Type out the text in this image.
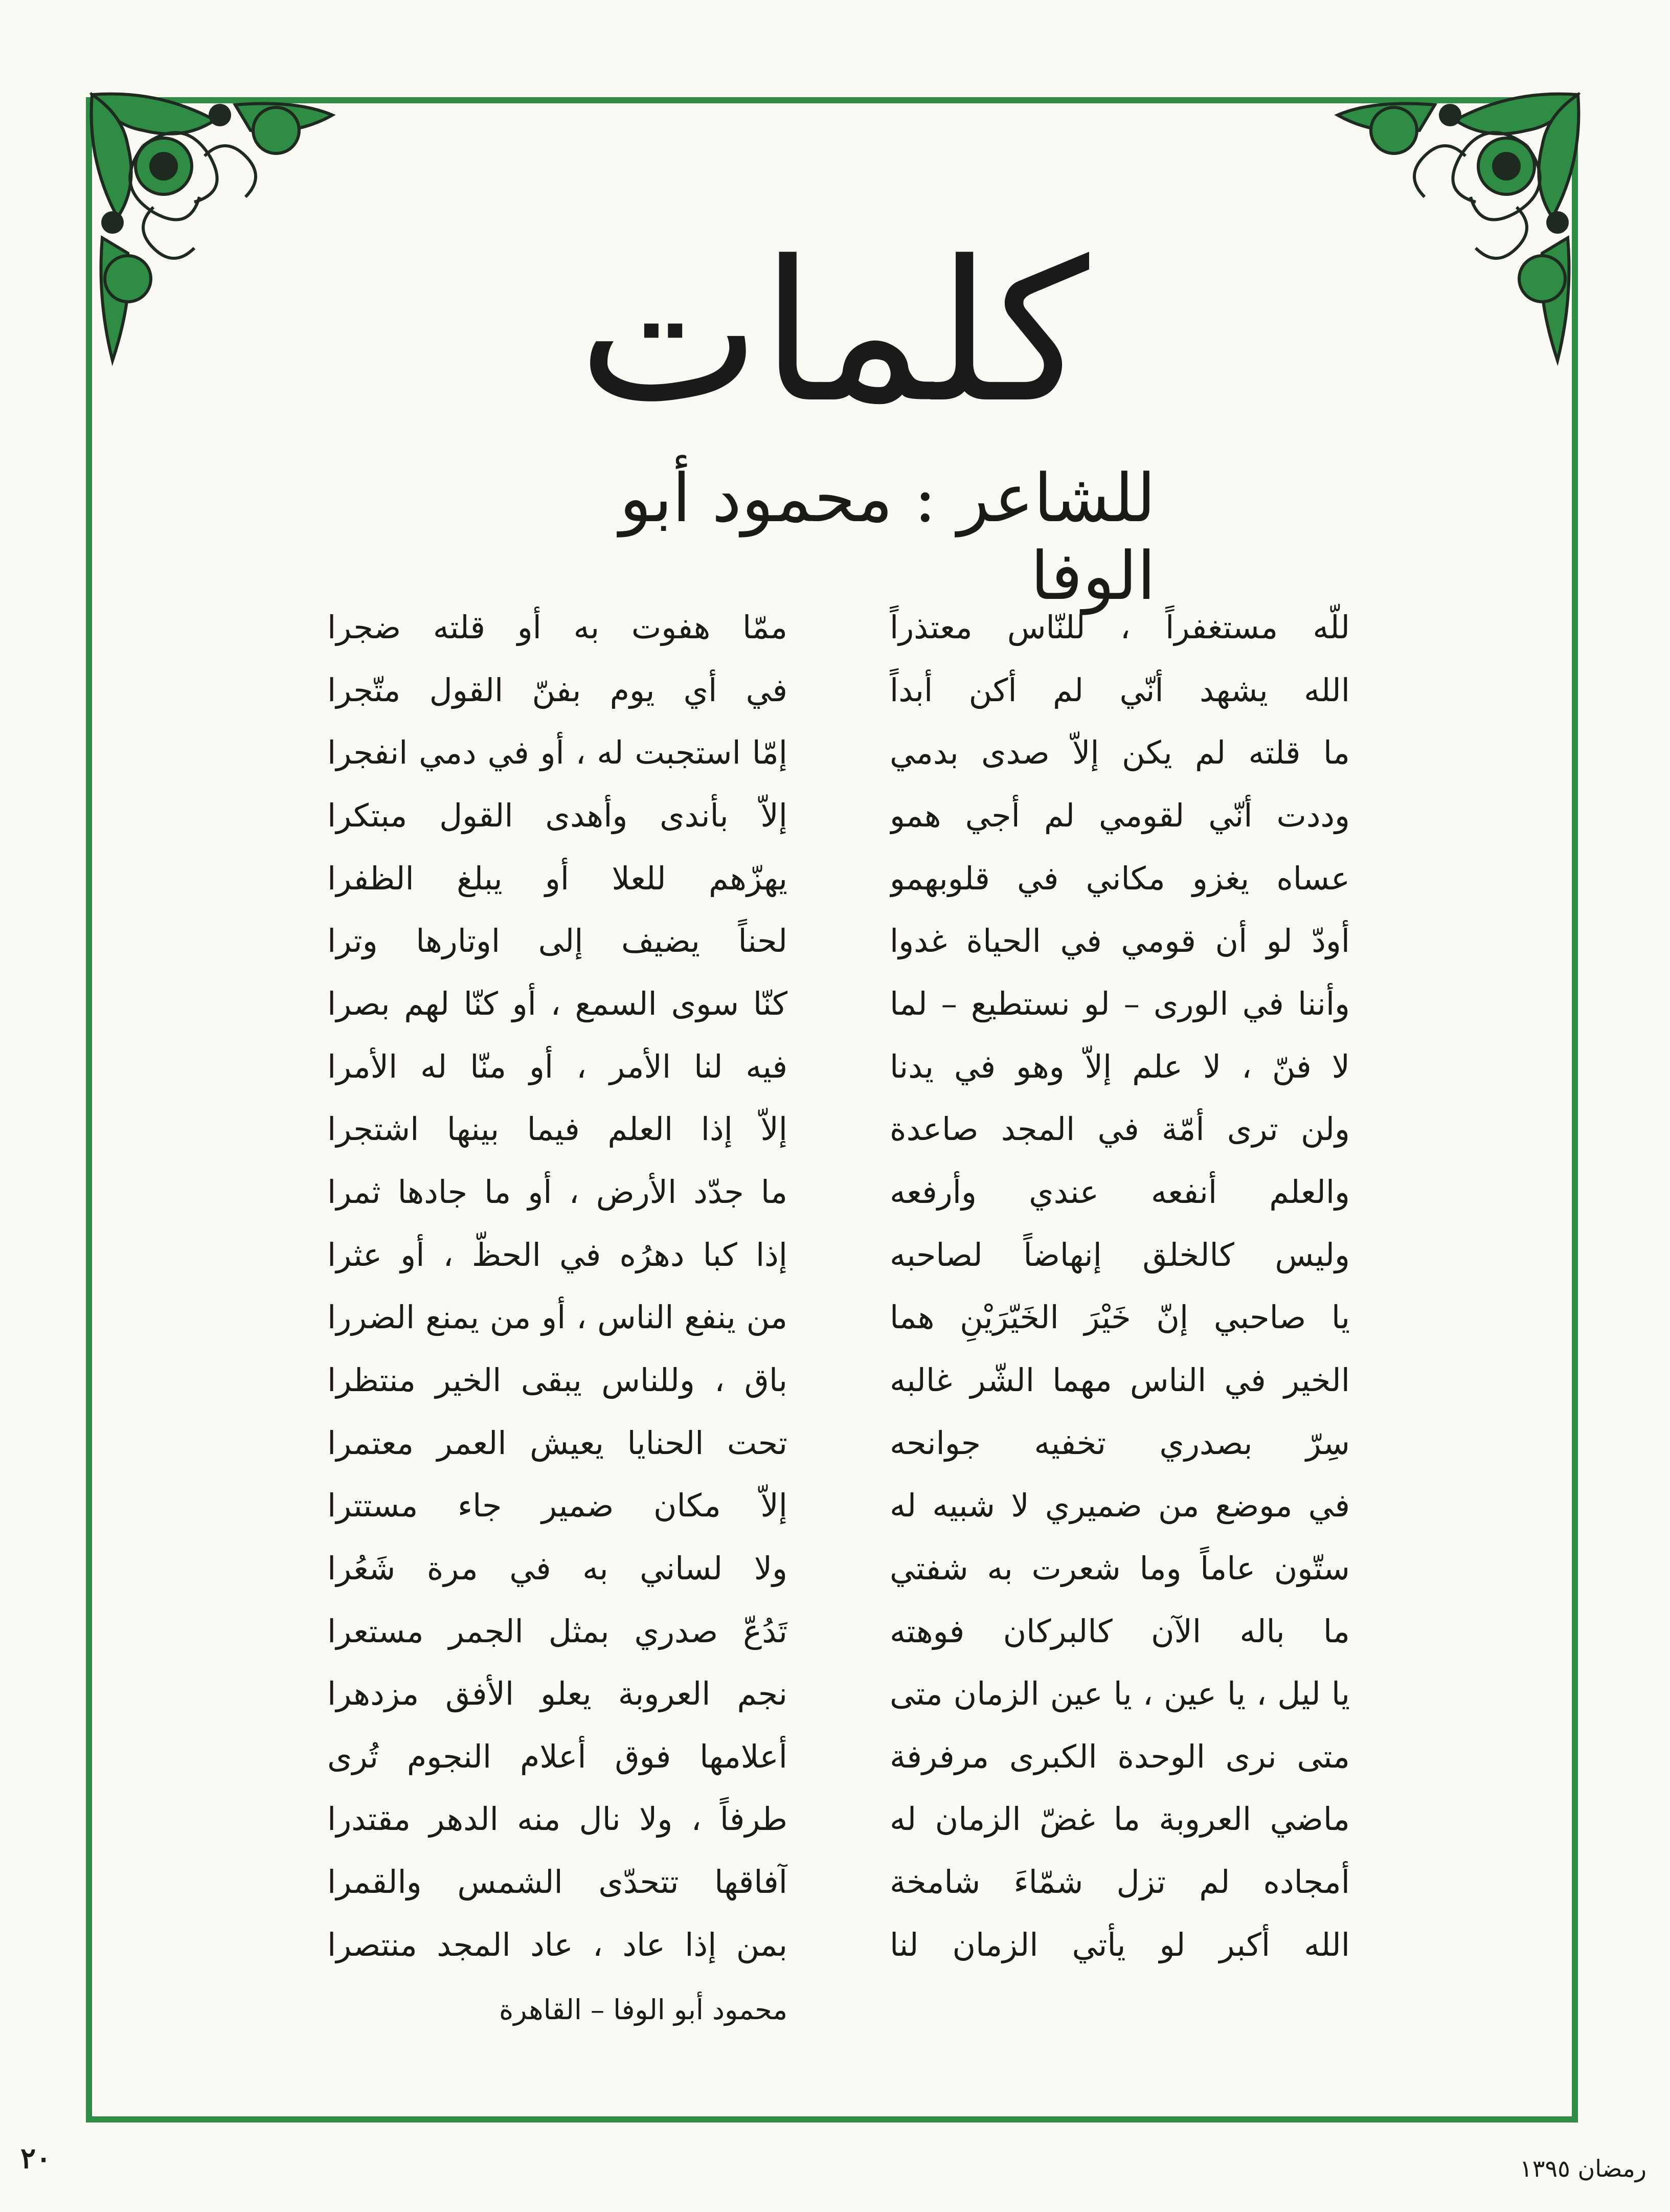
كلمات
للشاعر : محمود أبو الوفا
للّه مستغفراً ، للنّاس معتذراً
ممّا هفوت به أو قلته ضجرا
الله يشهد أنّي لم أكن أبداً
في أي يوم بفنّ القول متّجرا
ما قلته لم يكن إلاّ صدى بدمي
إمّا استجبت له ، أو في دمي انفجرا
وددت أنّي لقومي لم أجي همو
إلاّ بأندى وأهدى القول مبتكرا
عساه يغزو مكاني في قلوبهمو
يهزّهم للعلا أو يبلغ الظفرا
أودّ لو أن قومي في الحياة غدوا
لحناً يضيف إلى اوتارها وترا
وأننا في الورى – لو نستطيع – لما
كنّا سوى السمع ، أو كنّا لهم بصرا
لا فنّ ، لا علم إلاّ وهو في يدنا
فيه لنا الأمر ، أو منّا له الأمرا
ولن ترى أمّة في المجد صاعدة
إلاّ إذا العلم فيما بينها اشتجرا
والعلم أنفعه عندي وأرفعه
ما جدّد الأرض ، أو ما جادها ثمرا
وليس كالخلق إنهاضاً لصاحبه
إذا كبا دهرُه في الحظّ ، أو عثرا
يا صاحبي إنّ خَيْرَ الخَيّرَيْنِ هما
من ينفع الناس ، أو من يمنع الضررا
الخير في الناس مهما الشّر غالبه
باق ، وللناس يبقى الخير منتظرا
سِرّ بصدري تخفيه جوانحه
تحت الحنايا يعيش العمر معتمرا
في موضع من ضميري لا شبيه له
إلاّ مكان ضمير جاء مستترا
ستّون عاماً وما شعرت به شفتي
ولا لساني به في مرة شَعُرا
ما باله الآن كالبركان فوهته
تَدُعّ صدري بمثل الجمر مستعرا
يا ليل ، يا عين ، يا عين الزمان متى
نجم العروبة يعلو الأفق مزدهرا
متى نرى الوحدة الكبرى مرفرفة
أعلامها فوق أعلام النجوم تُرى
ماضي العروبة ما غضّ الزمان له
طرفاً ، ولا نال منه الدهر مقتدرا
أمجاده لم تزل شمّاءَ شامخة
آفاقها تتحدّى الشمس والقمرا
الله أكبر لو يأتي الزمان لنا
بمن إذا عاد ، عاد المجد منتصرا
محمود أبو الوفا – القاهرة
٢٠	رمضان ١٣٩٥
